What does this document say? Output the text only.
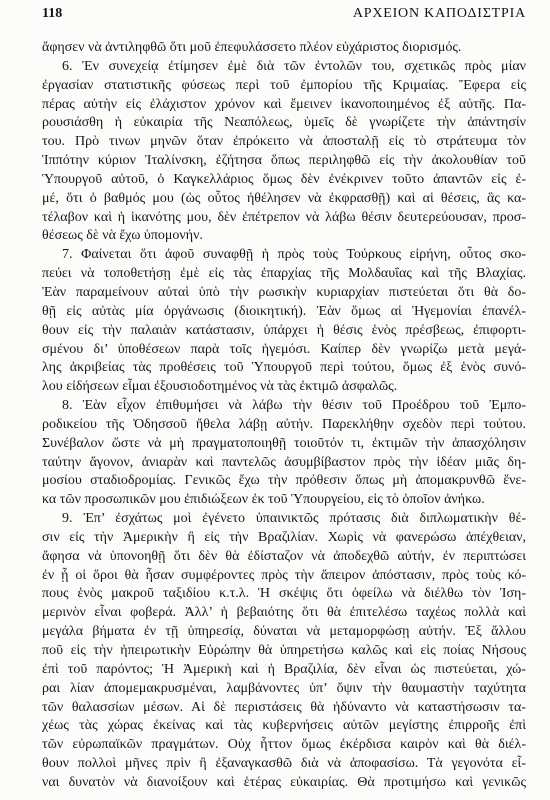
118	ΑΡΧΕΙΟΝ ΚΑΠΟΔΙΣΤΡΙΑ
ἄφησεν νὰ ἀντιληφθῶ ὅτι μοῦ ἐπεφυλάσσετο πλέον εὐχάριστος διορισμός.
6. Ἐν συνεχείᾳ ἐτίμησεν ἐμὲ διὰ τῶν ἐντολῶν του, σχετικῶς πρὸς μίαν
ἐργασίαν στατιστικῆς φύσεως περὶ τοῦ ἐμπορίου τῆς Κριμαίας. Ἔφερα εἰς
πέρας αὐτὴν εἰς ἐλάχιστον χρόνον καὶ ἔμεινεν ἱκανοποιημένος ἐξ αὐτῆς. Πα-
ρουσιάσθη ἡ εὐκαιρία τῆς Νεαπόλεως, ὑμεῖς δὲ γνωρίζετε τὴν ἀπάντησίν
του. Πρὸ τινων μηνῶν ὅταν ἐπρόκειτο νὰ ἀποσταλῇ εἰς τὸ στράτευμα τὸν
Ἱππότην κύριον Ἰταλίνσκη, ἐζήτησα ὅπως περιληφθῶ εἰς τὴν ἀκολουθίαν τοῦ
Ὑπουργοῦ αὐτοῦ, ὁ Καγκελλάριος ὅμως δὲν ἐνέκρινεν τοῦτο ἀπαντῶν εἰς ἐ-
μέ, ὅτι ὁ βαθμός μου (ὡς οὗτος ἠθέλησεν νὰ ἐκφρασθῇ) καὶ αἱ θέσεις, ἃς κα-
τέλαβον καὶ ἡ ἱκανότης μου, δὲν ἐπέτρεπον νὰ λάβω θέσιν δευτερεύουσαν, προσ-
θέσεως δὲ νὰ ἔχω ὑπομονήν.
7. Φαίνεται ὅτι ἀφοῦ συναφθῇ ἡ πρὸς τοὺς Τούρκους εἰρήνη, οὗτος σκο-
πεύει νὰ τοποθετήσῃ ἐμὲ εἰς τὰς ἐπαρχίας τῆς Μολδαυΐας καὶ τῆς Βλαχίας.
Ἐὰν παραμείνουν αὐταὶ ὑπὸ τὴν ρωσικὴν κυριαρχίαν πιστεύεται ὅτι θὰ δο-
θῇ εἰς αὐτὰς μία ὀργάνωσις (διοικητική). Ἐὰν ὅμως αἱ Ἡγεμονίαι ἐπανέλ-
θουν εἰς τὴν παλαιὰν κατάστασιν, ὑπάρχει ἡ θέσις ἑνὸς πρέσβεως, ἐπιφορτι-
σμένου δι’ ὑποθέσεων παρὰ τοῖς ἡγεμόσι. Καίπερ δὲν γνωρίζω μετὰ μεγά-
λης ἀκριβείας τὰς προθέσεις τοῦ Ὑπουργοῦ περὶ τούτου, ὅμως ἐξ ἑνὸς συνό-
λου εἰδήσεων εἶμαι ἐξουσιοδοτημένος νὰ τὰς ἐκτιμῶ ἀσφαλῶς.
8. Ἐὰν εἶχον ἐπιθυμήσει νὰ λάβω τὴν θέσιν τοῦ Προέδρου τοῦ Ἐμπο-
ροδικείου τῆς Ὀδησσοῦ ἤθελα λάβῃ αὐτήν. Παρεκλήθην σχεδὸν περὶ τούτου.
Συνέβαλον ὥστε νὰ μὴ πραγματοποιηθῇ τοιοῦτόν τι, ἐκτιμῶν τὴν ἀπασχόλησιν
ταύτην ἄγονον, ἀνιαρὰν καὶ παντελῶς ἀσυμβίβαστον πρὸς τὴν ἰδέαν μιᾶς δη-
μοσίου σταδιοδρομίας. Γενικῶς ἔχω τὴν πρόθεσιν ὅπως μὴ ἀπομακρυνθῶ ἕνε-
κα τῶν προσωπικῶν μου ἐπιδιώξεων ἐκ τοῦ Ὑπουργείου, εἰς τὸ ὁποῖον ἀνήκω.
9. Ἐπ’ ἐσχάτως μοὶ ἐγένετο ὑπαινικτῶς πρότασις διὰ διπλωματικὴν θέ-
σιν εἰς τὴν Ἀμερικὴν ἢ εἰς τὴν Βραζιλίαν. Χωρὶς νὰ φανερώσω ἀπέχθειαν,
ἄφησα νὰ ὑπονοηθῇ ὅτι δὲν θὰ ἐδίσταζον νὰ ἀποδεχθῶ αὐτήν, ἐν περιπτώσει
ἐν ᾗ οἱ ὅροι θὰ ἦσαν συμφέροντες πρὸς τὴν ἄπειρον ἀπόστασιν, πρὸς τοὺς κό-
πους ἑνὸς μακροῦ ταξιδίου κ.τ.λ. Ἡ σκέψις ὅτι ὀφείλω νὰ διέλθω τὸν Ἰση-
μερινὸν εἶναι φοβερά. Ἀλλ’ ἡ βεβαιότης ὅτι θὰ ἐπιτελέσω ταχέως πολλὰ καὶ
μεγάλα βήματα ἐν τῇ ὑπηρεσίᾳ, δύναται νὰ μεταμορφώσῃ αὐτήν. Ἐξ ἄλλου
ποῦ εἰς τὴν ἠπειρωτικὴν Εὐρώπην θὰ ὑπηρετήσω καλῶς καὶ εἰς ποίας Νήσους
ἐπὶ τοῦ παρόντος; Ἡ Ἀμερικὴ καὶ ἡ Βραζιλία, δὲν εἶναι ὡς πιστεύεται, χώ-
ραι λίαν ἀπομεμακρυσμέναι, λαμβάνοντες ὑπ’ ὄψιν τὴν θαυμαστὴν ταχύτητα
τῶν θαλασσίων μέσων. Αἱ δὲ περιστάσεις θὰ ἠδύναντο νὰ καταστήσωσιν τα-
χέως τὰς χώρας ἐκείνας καὶ τὰς κυβερνήσεις αὐτῶν μεγίστης ἐπιρροῆς ἐπὶ
τῶν εὐρωπαϊκῶν πραγμάτων. Οὐχ ἧττον ὅμως ἐκέρδισα καιρὸν καὶ θὰ διέλ-
θουν πολλοὶ μῆνες πρὶν ἢ ἐξαναγκασθῶ διὰ νὰ ἀποφασίσω. Τὰ γεγονότα εἶ-
ναι δυνατὸν νὰ διανοίξουν καὶ ἑτέρας εὐκαιρίας. Θὰ προτιμήσω καὶ γενικῶς
